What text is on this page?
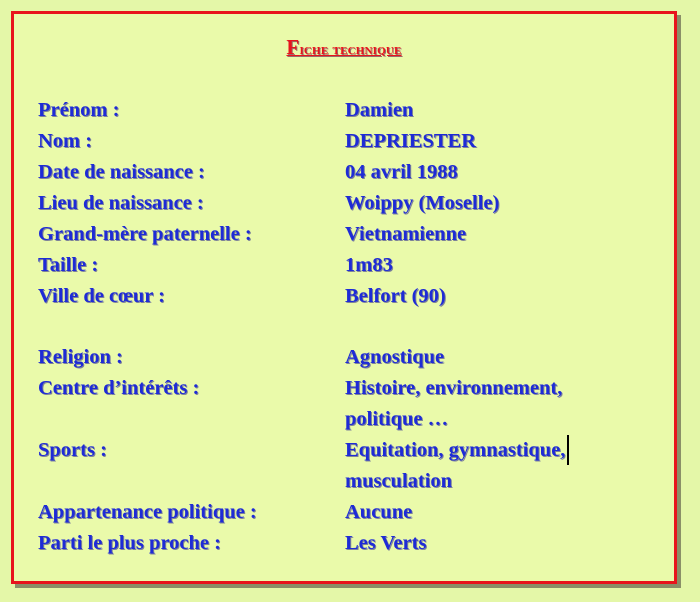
Fiche technique
Prénom :	Damien
Nom :	DEPRIESTER
Date de naissance :	04 avril 1988
Lieu de naissance :	Woippy (Moselle)
Grand-mère paternelle :	Vietnamienne
Taille :	1m83
Ville de cœur :	Belfort (90)
Religion :	Agnostique
Centre d’intérêts :	Histoire, environnement,
politique …
Sports :	Equitation, gymnastique,
musculation
Appartenance politique :	Aucune
Parti le plus proche :	Les Verts
